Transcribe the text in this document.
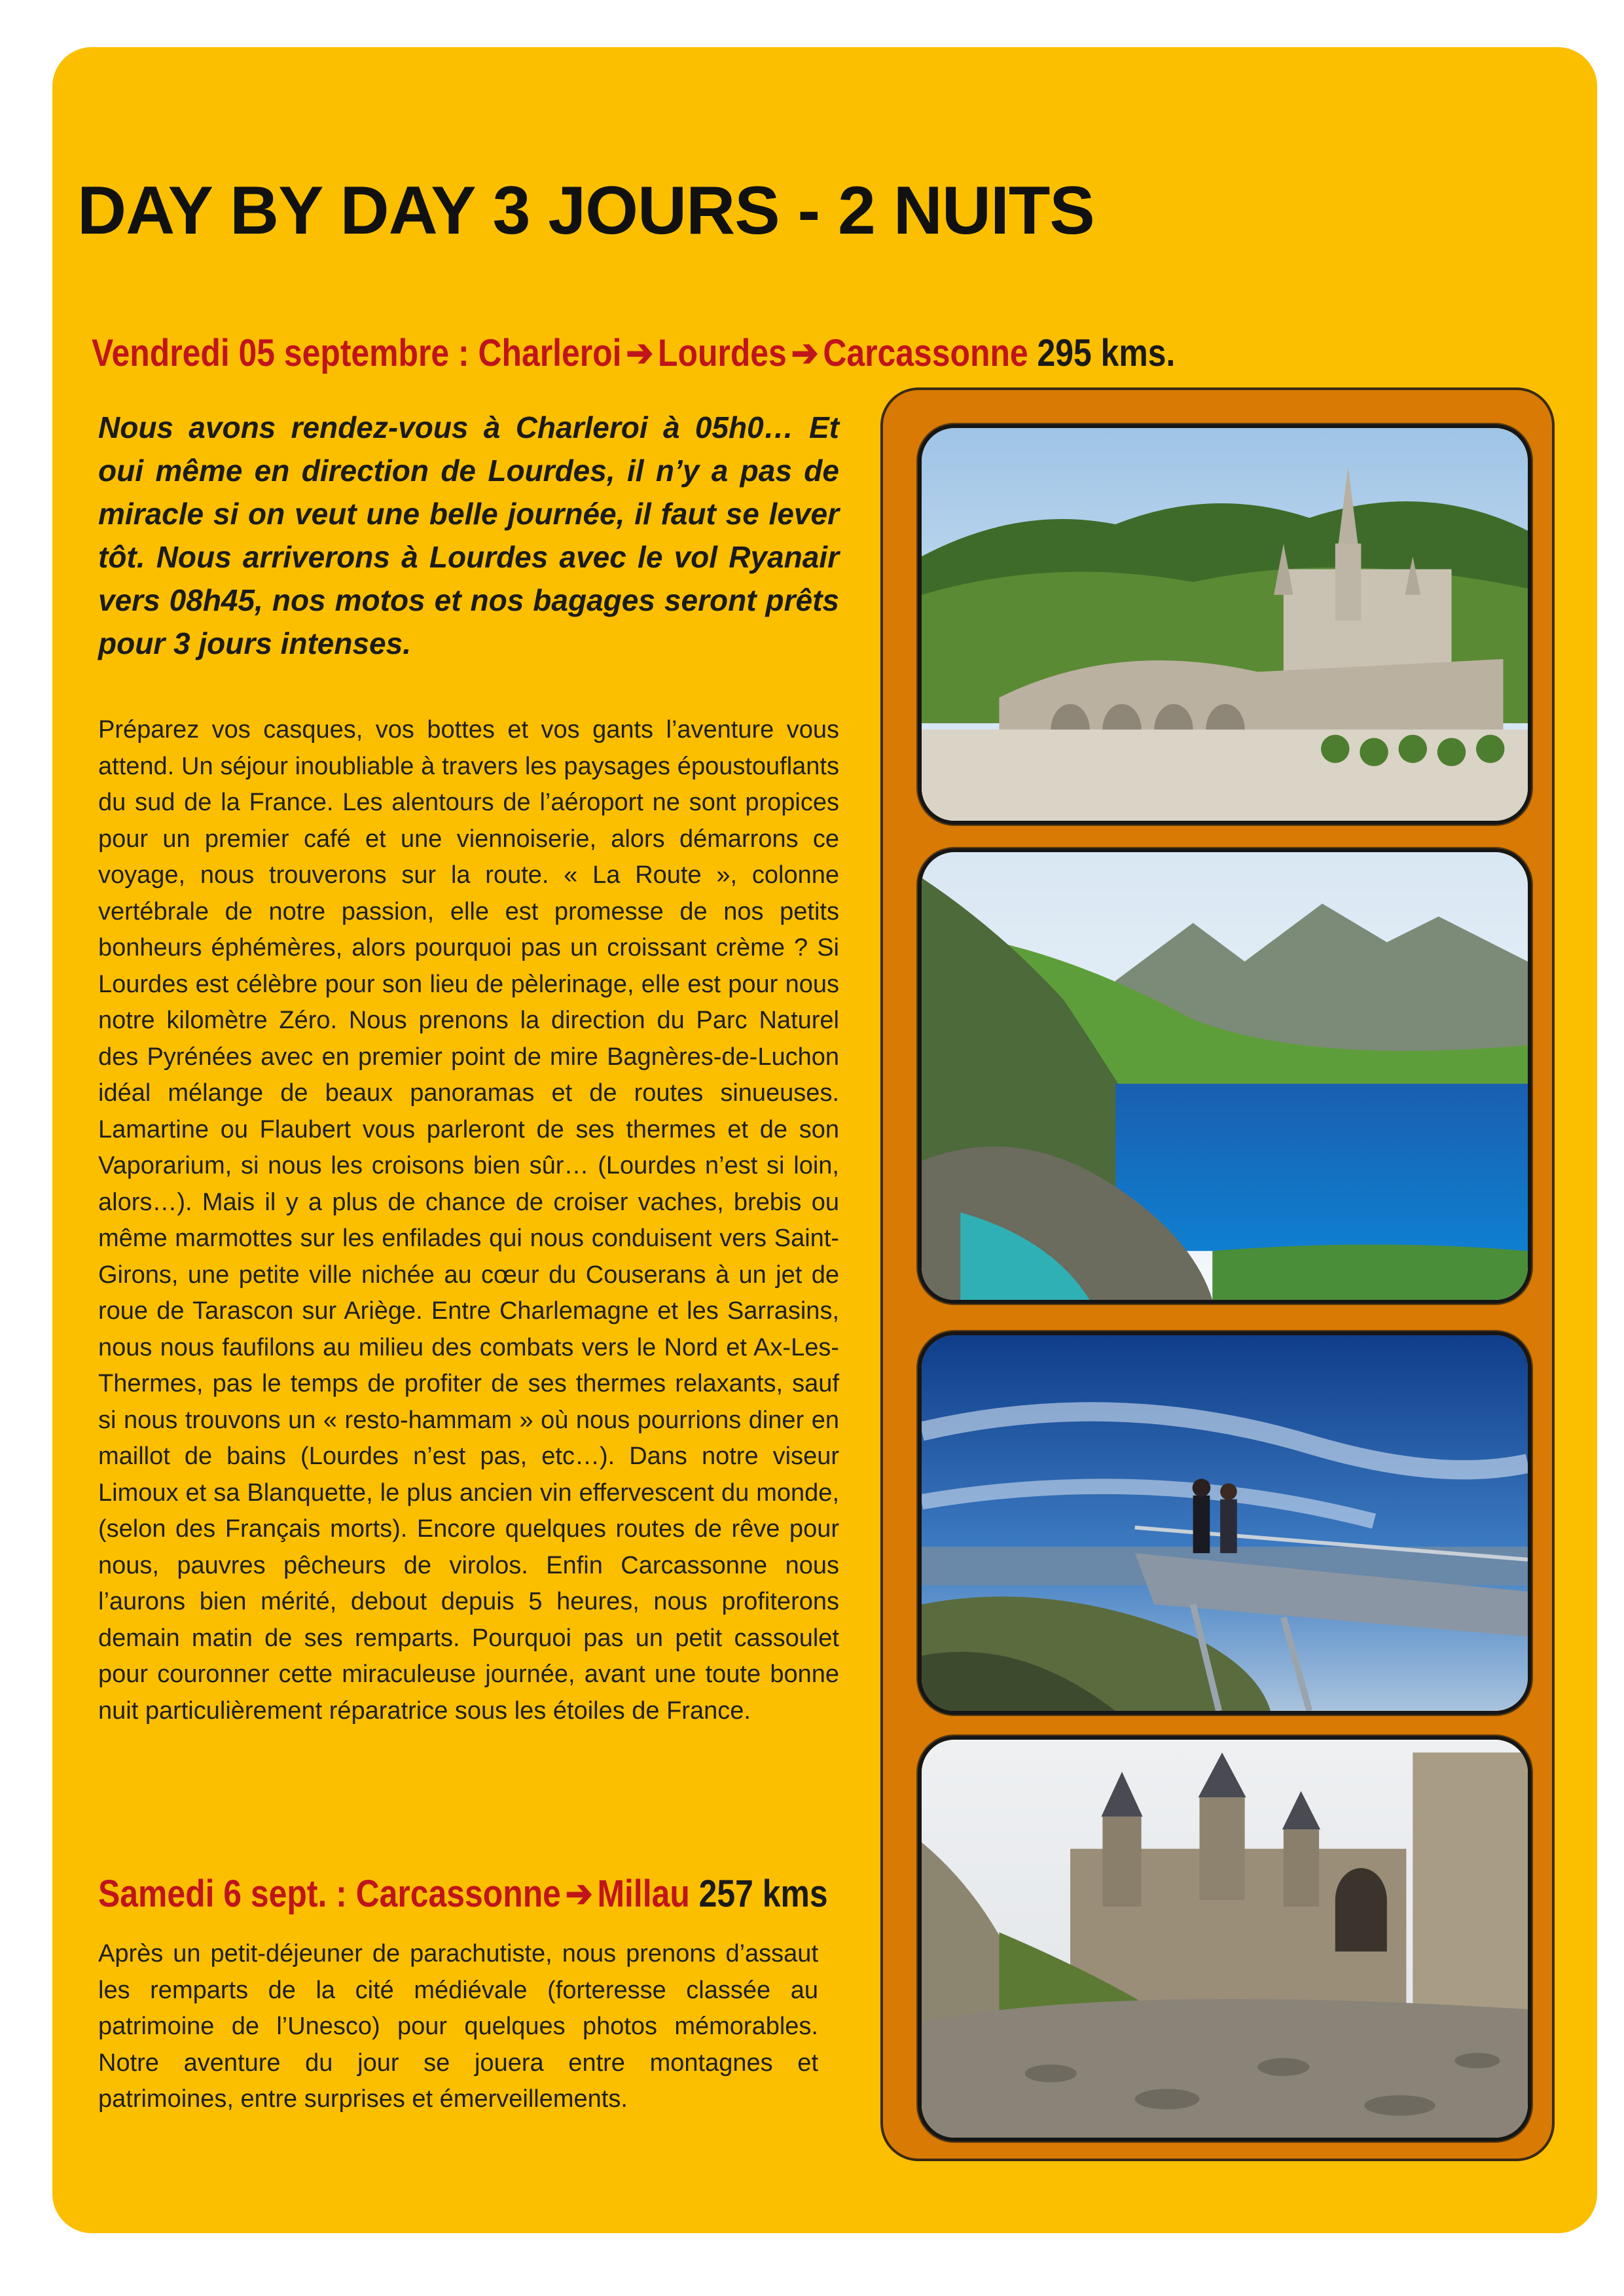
DAY BY DAY 3 JOURS - 2 NUITS
Vendredi 05 septembre : Charleroi ➔ Lourdes ➔ Carcassonne 295 kms.

Nous avons rendez-vous à Charleroi à 05h0… Et oui même en direction de Lourdes, il n’y a pas de miracle si on veut une belle journée, il faut se lever tôt. Nous arriverons à Lourdes avec le vol Ryanair vers 08h45, nos motos et nos bagages seront prêts pour 3 jours intenses.

Préparez vos casques, vos bottes et vos gants l’aventure vous attend. Un séjour inoubliable à travers les paysages époustouflants du sud de la France. Les alentours de l’aéroport ne sont propices pour un premier café et une viennoiserie, alors démarrons ce voyage, nous trouverons sur la route. « La Route », colonne vertébrale de notre passion, elle est promesse de nos petits bonheurs éphémères, alors pourquoi pas un croissant crème ? Si Lourdes est célèbre pour son lieu de pèlerinage, elle est pour nous notre kilomètre Zéro. Nous prenons la direction du Parc Naturel des Pyrénées avec en premier point de mire Bagnères-de-Luchon idéal mélange de beaux panoramas et de routes sinueuses. Lamartine ou Flaubert vous parleront de ses thermes et de son Vaporarium, si nous les croisons bien sûr… (Lourdes n’est si loin, alors…). Mais il y a plus de chance de croiser vaches, brebis ou même marmottes sur les enfilades qui nous conduisent vers Saint-Girons, une petite ville nichée au cœur du Couserans à un jet de roue de Tarascon sur Ariège. Entre Charlemagne et les Sarrasins, nous nous faufilons au milieu des combats vers le Nord et Ax-Les-Thermes, pas le temps de profiter de ses thermes relaxants, sauf si nous trouvons un « resto-hammam » où nous pourrions diner en maillot de bains (Lourdes n’est pas, etc…). Dans notre viseur Limoux et sa Blanquette, le plus ancien vin effervescent du monde, (selon des Français morts). Encore quelques routes de rêve pour nous, pauvres pêcheurs de virolos. Enfin Carcassonne nous l’aurons bien mérité, debout depuis 5 heures, nous profiterons demain matin de ses remparts. Pourquoi pas un petit cassoulet pour couronner cette miraculeuse journée, avant une toute bonne nuit particulièrement réparatrice sous les étoiles de France.

Samedi 6 sept. : Carcassonne ➔ Millau 257 kms

Après un petit-déjeuner de parachutiste, nous prenons d’assaut les remparts de la cité médiévale (forteresse classée au patrimoine de l’Unesco) pour quelques photos mémorables. Notre aventure du jour se jouera entre montagnes et patrimoines, entre surprises et émerveillements.
